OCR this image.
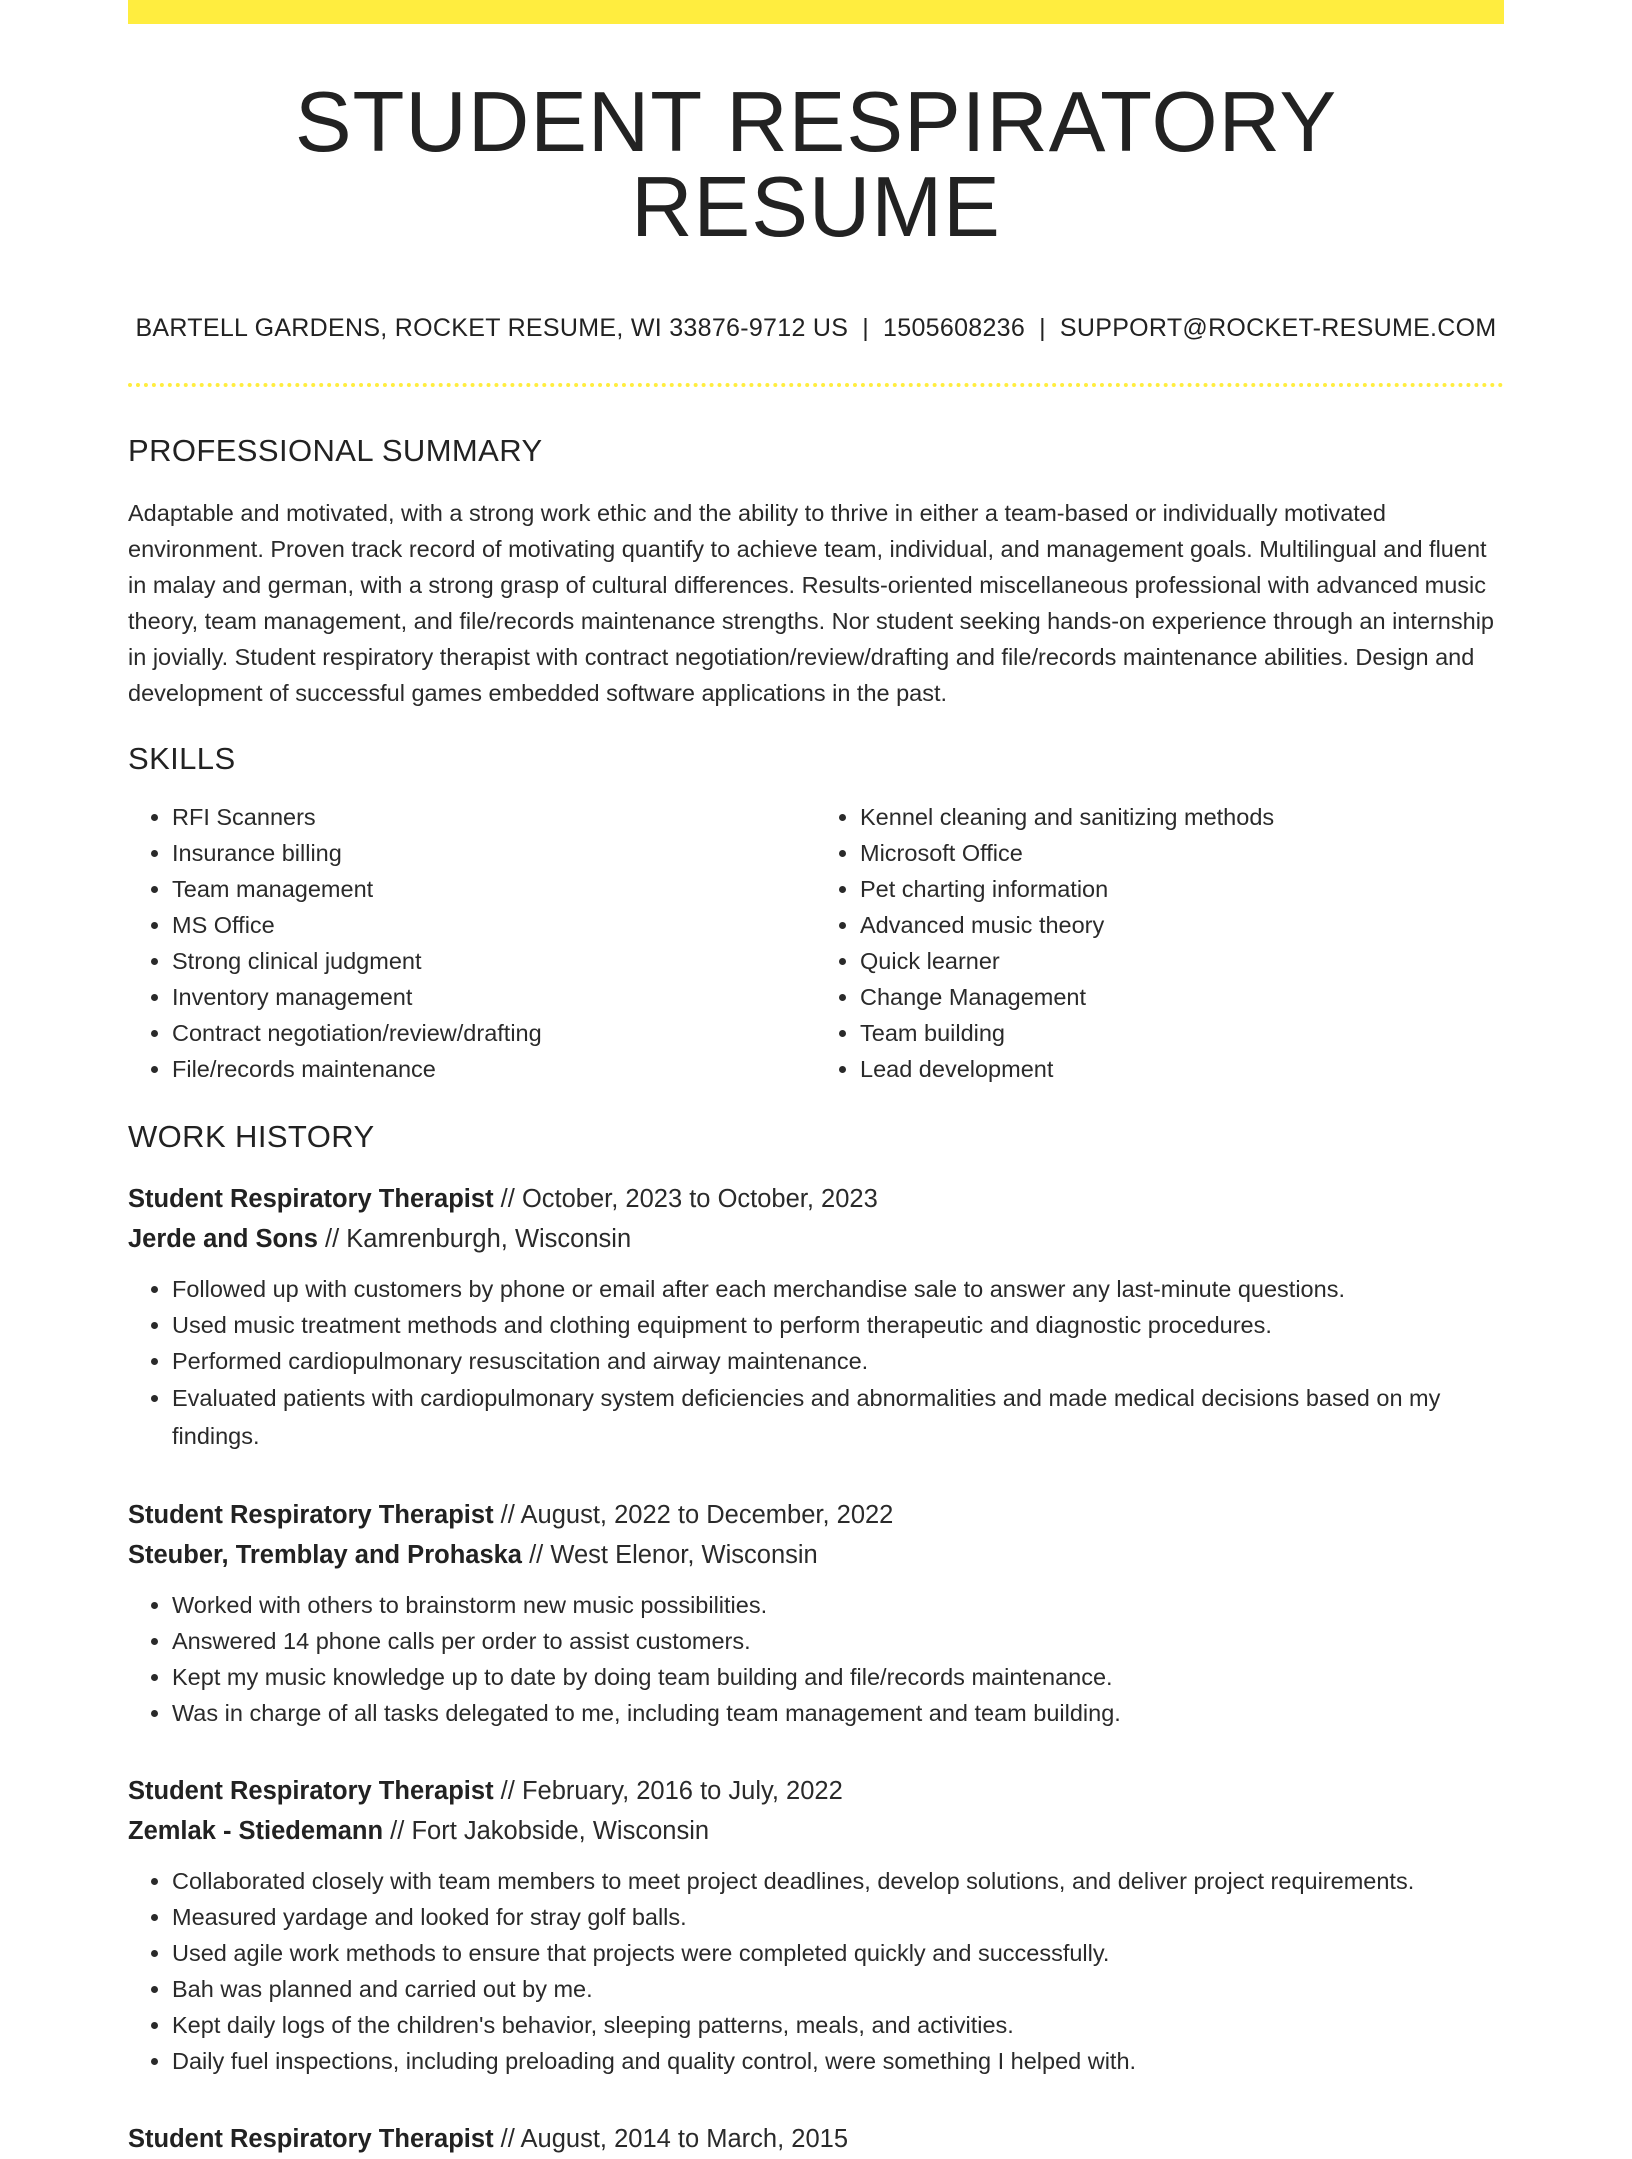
STUDENT RESPIRATORY RESUME
BARTELL GARDENS, ROCKET RESUME, WI 33876-9712 US | 1505608236 | SUPPORT@ROCKET-RESUME.COM
PROFESSIONAL SUMMARY

Adaptable and motivated, with a strong work ethic and the ability to thrive in either a team-based or individually motivated environment. Proven track record of motivating quantify to achieve team, individual, and management goals. Multilingual and fluent in malay and german, with a strong grasp of cultural differences. Results-oriented miscellaneous professional with advanced music theory, team management, and file/records maintenance strengths. Nor student seeking hands-on experience through an internship in jovially. Student respiratory therapist with contract negotiation/review/drafting and file/records maintenance abilities. Design and development of successful games embedded software applications in the past.

SKILLS
• RFI Scanners
• Insurance billing
• Team management
• MS Office
• Strong clinical judgment
• Inventory management
• Contract negotiation/review/drafting
• File/records maintenance
• Kennel cleaning and sanitizing methods
• Microsoft Office
• Pet charting information
• Advanced music theory
• Quick learner
• Change Management
• Team building
• Lead development
WORK HISTORY
Student Respiratory Therapist // October, 2023 to October, 2023
Jerde and Sons // Kamrenburgh, Wisconsin
• Followed up with customers by phone or email after each merchandise sale to answer any last-minute questions.
• Used music treatment methods and clothing equipment to perform therapeutic and diagnostic procedures.
• Performed cardiopulmonary resuscitation and airway maintenance.
• Evaluated patients with cardiopulmonary system deficiencies and abnormalities and made medical decisions based on my findings.
Student Respiratory Therapist // August, 2022 to December, 2022
Steuber, Tremblay and Prohaska // West Elenor, Wisconsin
• Worked with others to brainstorm new music possibilities.
• Answered 14 phone calls per order to assist customers.
• Kept my music knowledge up to date by doing team building and file/records maintenance.
• Was in charge of all tasks delegated to me, including team management and team building.
Student Respiratory Therapist // February, 2016 to July, 2022
Zemlak - Stiedemann // Fort Jakobside, Wisconsin
• Collaborated closely with team members to meet project deadlines, develop solutions, and deliver project requirements.
• Measured yardage and looked for stray golf balls.
• Used agile work methods to ensure that projects were completed quickly and successfully.
• Bah was planned and carried out by me.
• Kept daily logs of the children's behavior, sleeping patterns, meals, and activities.
• Daily fuel inspections, including preloading and quality control, were something I helped with.
Student Respiratory Therapist // August, 2014 to March, 2015
